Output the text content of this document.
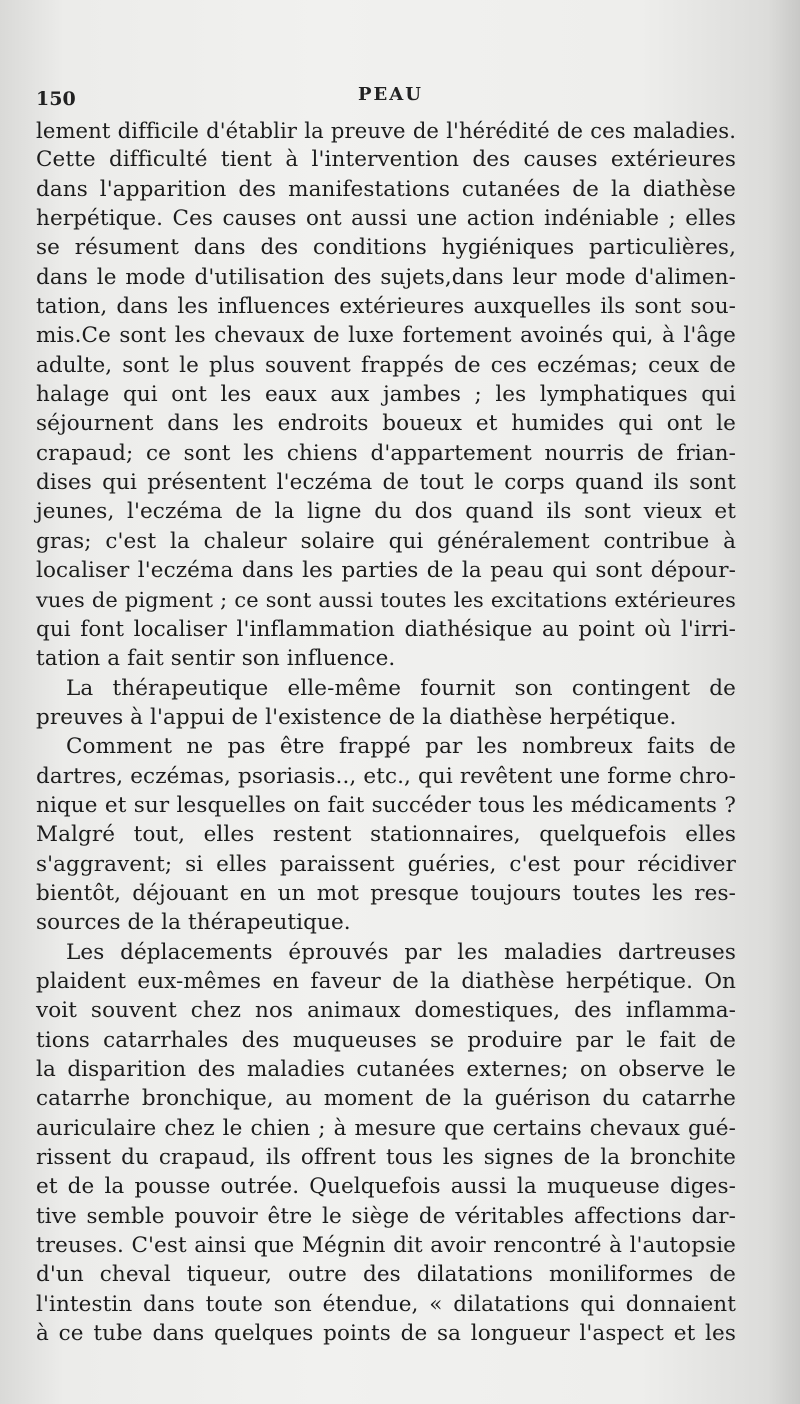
150	PEAU
lement difficile d'établir la preuve de l'hérédité de ces maladies.
Cette difficulté tient à l'intervention des causes extérieures
dans l'apparition des manifestations cutanées de la diathèse
herpétique. Ces causes ont aussi une action indéniable ; elles
se résument dans des conditions hygiéniques particulières,
dans le mode d'utilisation des sujets,dans leur mode d'alimen-
tation, dans les influences extérieures auxquelles ils sont sou-
mis.Ce sont les chevaux de luxe fortement avoinés qui, à l'âge
adulte, sont le plus souvent frappés de ces eczémas; ceux de
halage qui ont les eaux aux jambes ; les lymphatiques qui
séjournent dans les endroits boueux et humides qui ont le
crapaud; ce sont les chiens d'appartement nourris de frian-
dises qui présentent l'eczéma de tout le corps quand ils sont
jeunes, l'eczéma de la ligne du dos quand ils sont vieux et
gras; c'est la chaleur solaire qui généralement contribue à
localiser l'eczéma dans les parties de la peau qui sont dépour-
vues de pigment ; ce sont aussi toutes les excitations extérieures
qui font localiser l'inflammation diathésique au point où l'irri-
tation a fait sentir son influence.
La thérapeutique elle-même fournit son contingent de
preuves à l'appui de l'existence de la diathèse herpétique.
Comment ne pas être frappé par les nombreux faits de
dartres, eczémas, psoriasis.., etc., qui revêtent une forme chro-
nique et sur lesquelles on fait succéder tous les médicaments ?
Malgré tout, elles restent stationnaires, quelquefois elles
s'aggravent; si elles paraissent guéries, c'est pour récidiver
bientôt, déjouant en un mot presque toujours toutes les res-
sources de la thérapeutique.
Les déplacements éprouvés par les maladies dartreuses
plaident eux-mêmes en faveur de la diathèse herpétique. On
voit souvent chez nos animaux domestiques, des inflamma-
tions catarrhales des muqueuses se produire par le fait de
la disparition des maladies cutanées externes; on observe le
catarrhe bronchique, au moment de la guérison du catarrhe
auriculaire chez le chien ; à mesure que certains chevaux gué-
rissent du crapaud, ils offrent tous les signes de la bronchite
et de la pousse outrée. Quelquefois aussi la muqueuse diges-
tive semble pouvoir être le siège de véritables affections dar-
treuses. C'est ainsi que Mégnin dit avoir rencontré à l'autopsie
d'un cheval tiqueur, outre des dilatations moniliformes de
l'intestin dans toute son étendue, « dilatations qui donnaient
à ce tube dans quelques points de sa longueur l'aspect et les
